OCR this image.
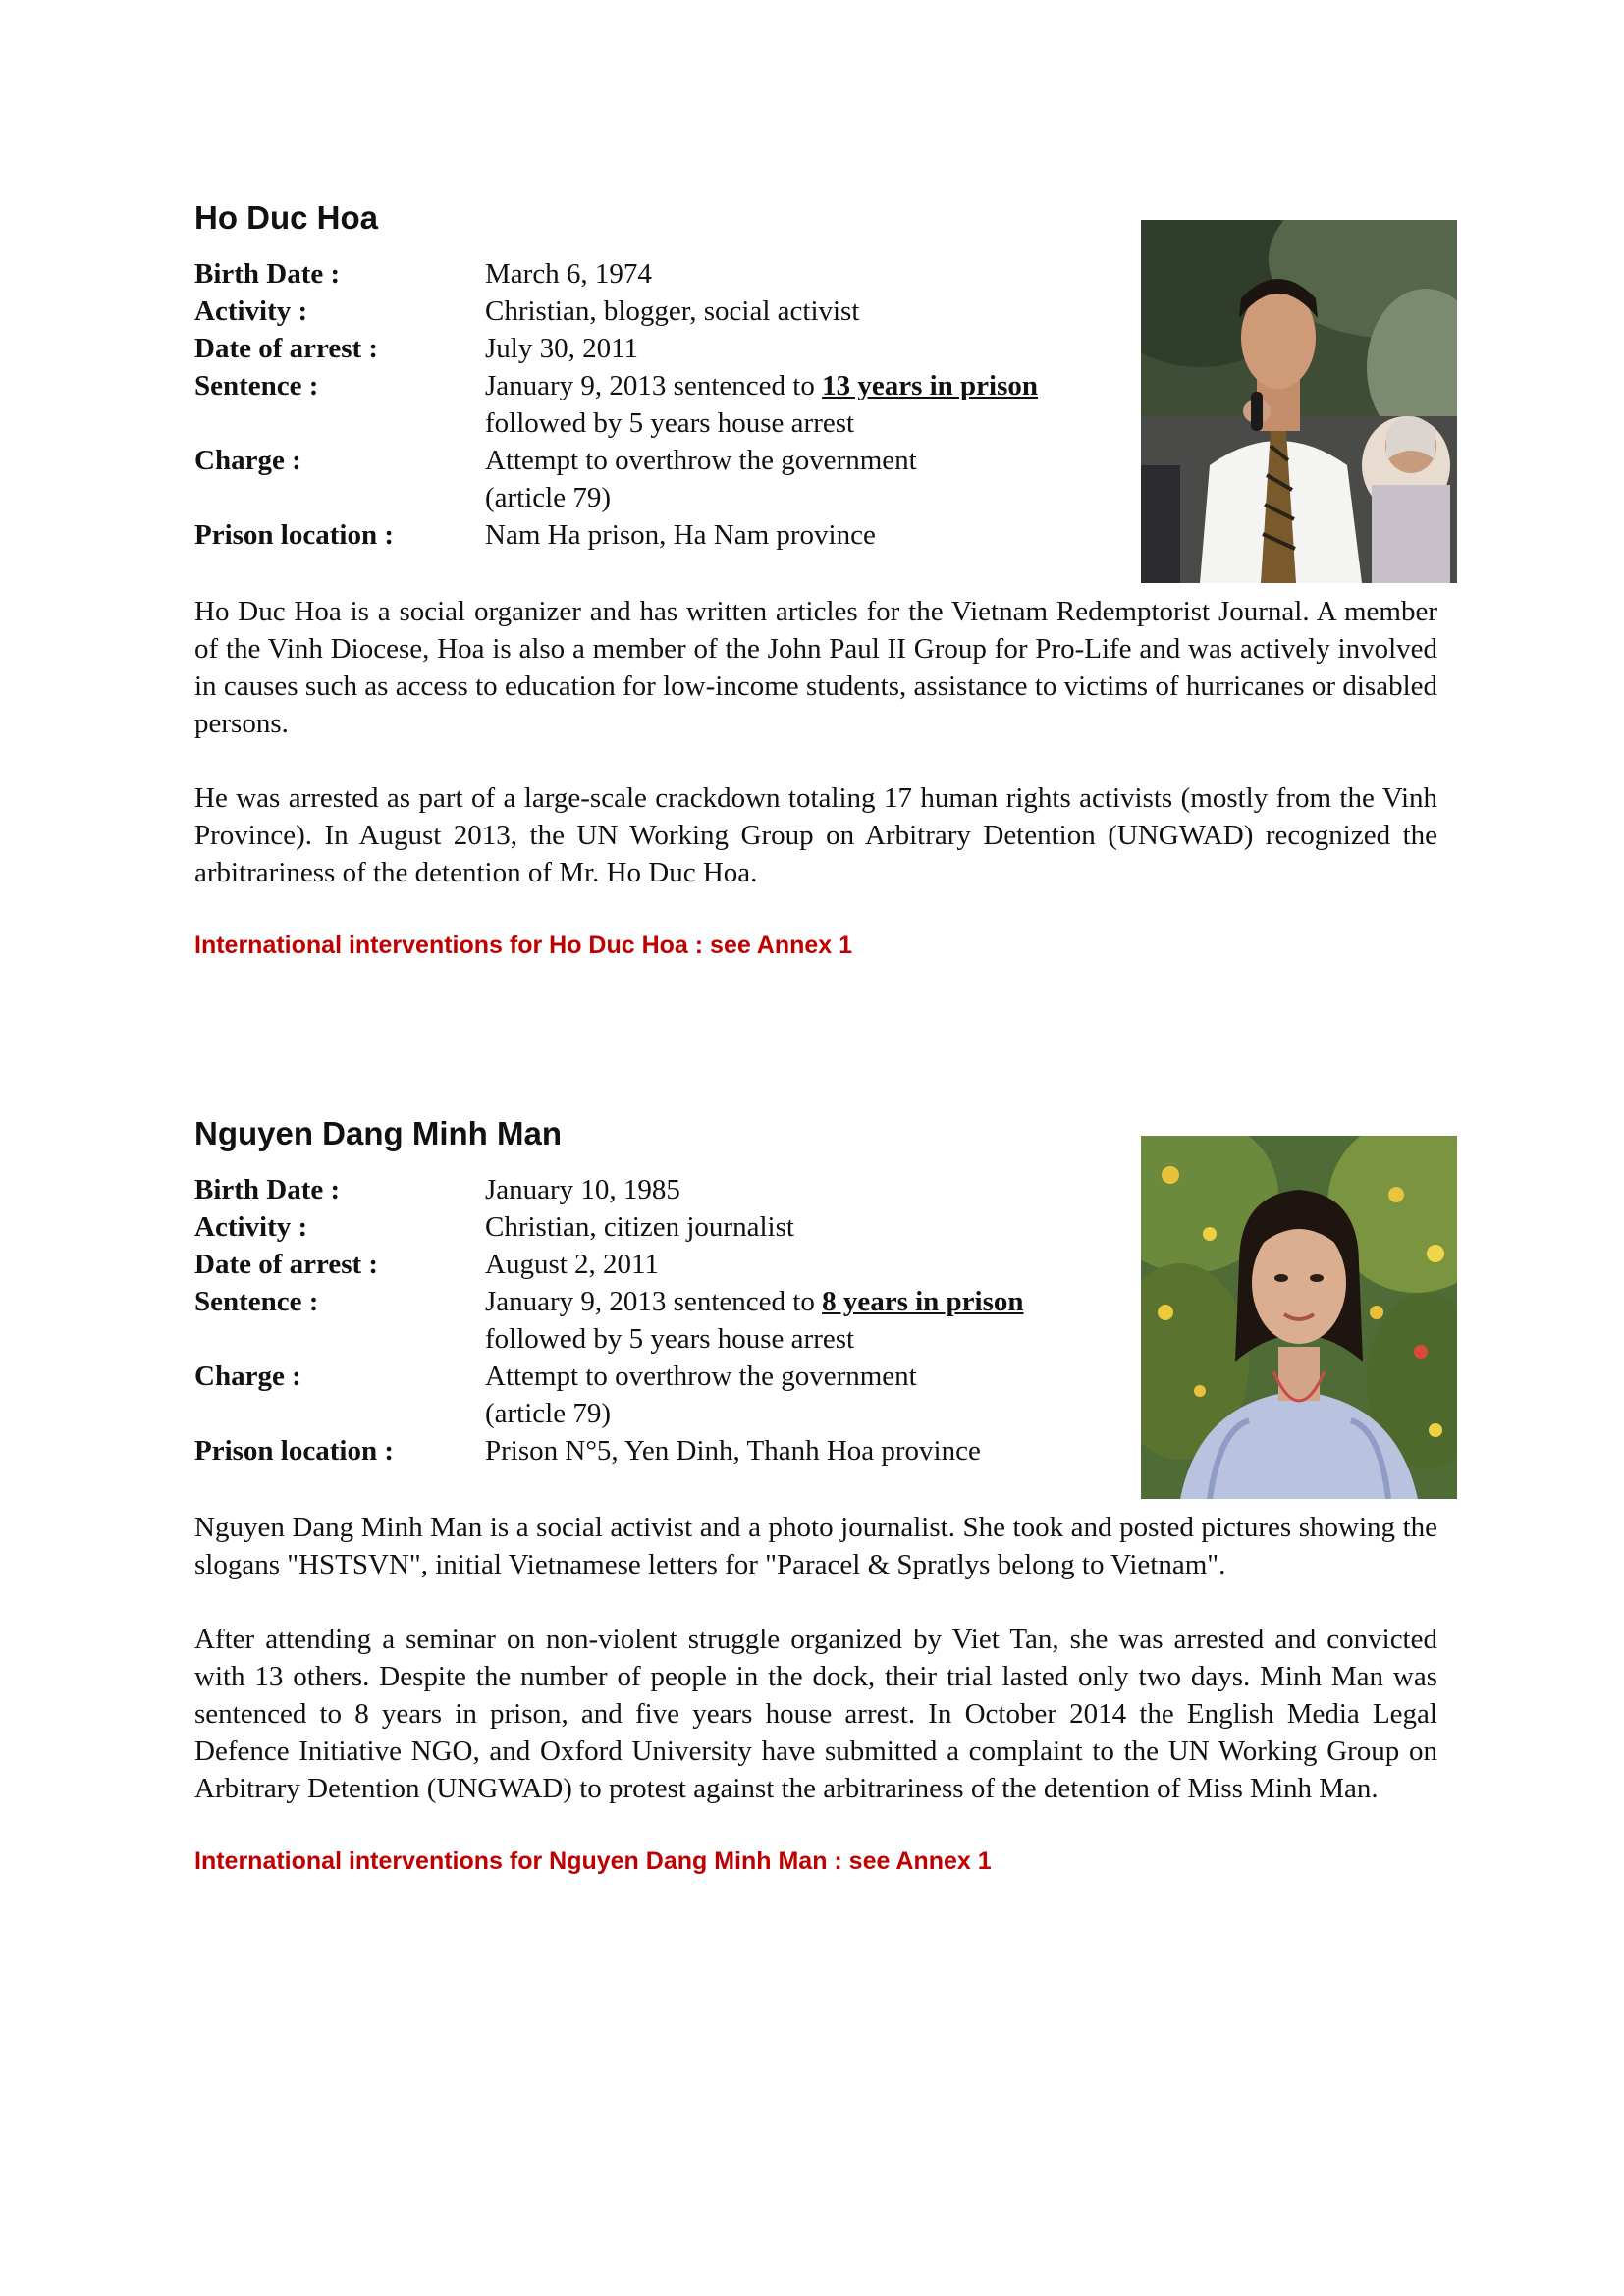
Ho Duc Hoa
Birth Date :	March 6, 1974
Activity :	Christian, blogger, social activist
Date of arrest :	July 30, 2011
Sentence :	January 9, 2013 sentenced to 13 years in prison
followed by 5 years house arrest
Charge :	Attempt to overthrow the government
(article 79)
Prison location :	Nam Ha prison, Ha Nam province

Ho Duc Hoa is a social organizer and has written articles for the Vietnam Redemptorist Journal. A member of the Vinh Diocese, Hoa is also a member of the John Paul II Group for Pro-Life and was actively involved in causes such as access to education for low-income students, assistance to victims of hurricanes or disabled persons.

He was arrested as part of a large-scale crackdown totaling 17 human rights activists (mostly from the Vinh Province). In August 2013, the UN Working Group on Arbitrary Detention (UNGWAD) recognized the arbitrariness of the detention of Mr. Ho Duc Hoa.

International interventions for Ho Duc Hoa : see Annex 1

Nguyen Dang Minh Man
Birth Date :	January 10, 1985
Activity :	Christian, citizen journalist
Date of arrest :	August 2, 2011
Sentence :	January 9, 2013 sentenced to 8 years in prison
followed by 5 years house arrest
Charge :	Attempt to overthrow the government
(article 79)
Prison location :	Prison N°5, Yen Dinh, Thanh Hoa province

Nguyen Dang Minh Man is a social activist and a photo journalist. She took and posted pictures showing the slogans "HSTSVN", initial Vietnamese letters for "Paracel & Spratlys belong to Vietnam".

After attending a seminar on non-violent struggle organized by Viet Tan, she was arrested and convicted with 13 others. Despite the number of people in the dock, their trial lasted only two days. Minh Man was sentenced to 8 years in prison, and five years house arrest. In October 2014 the English Media Legal Defence Initiative NGO, and Oxford University have submitted a complaint to the UN Working Group on Arbitrary Detention (UNGWAD) to protest against the arbitrariness of the detention of Miss Minh Man.

International interventions for Nguyen Dang Minh Man : see Annex 1
